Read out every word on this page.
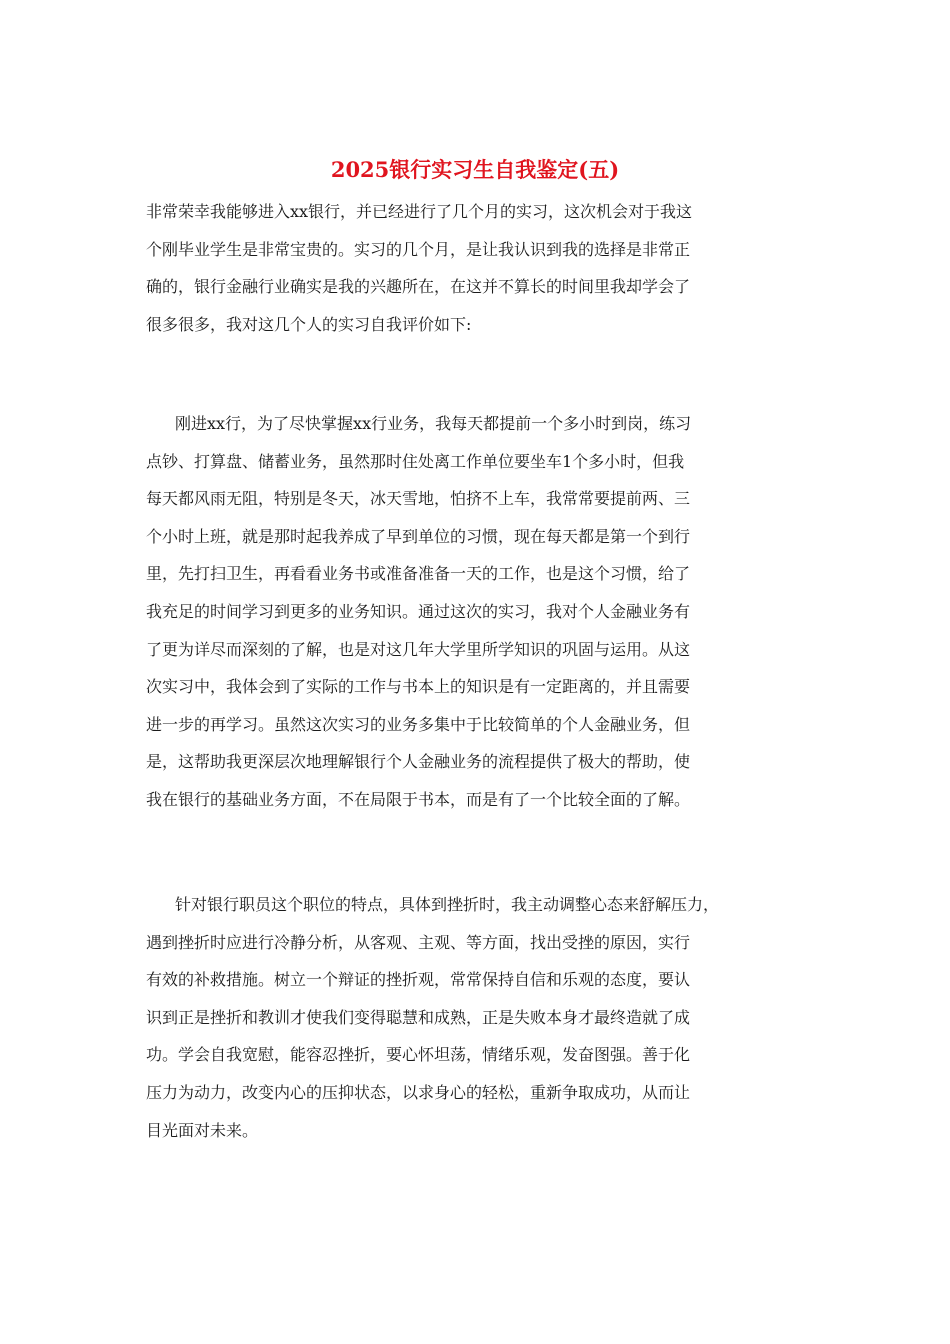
2025银行实习生自我鉴定(五)
非常荣幸我能够进入xx银行，并已经进行了几个月的实习，这次机会对于我这
个刚毕业学生是非常宝贵的。实习的几个月，是让我认识到我的选择是非常正
确的，银行金融行业确实是我的兴趣所在，在这并不算长的时间里我却学会了
很多很多，我对这几个人的实习自我评价如下:
刚进xx行，为了尽快掌握xx行业务，我每天都提前一个多小时到岗，练习
点钞、打算盘、储蓄业务，虽然那时住处离工作单位要坐车1个多小时，但我
每天都风雨无阻，特别是冬天，冰天雪地，怕挤不上车，我常常要提前两、三
个小时上班，就是那时起我养成了早到单位的习惯，现在每天都是第一个到行
里，先打扫卫生，再看看业务书或准备准备一天的工作，也是这个习惯，给了
我充足的时间学习到更多的业务知识。通过这次的实习，我对个人金融业务有
了更为详尽而深刻的了解，也是对这几年大学里所学知识的巩固与运用。从这
次实习中，我体会到了实际的工作与书本上的知识是有一定距离的，并且需要
进一步的再学习。虽然这次实习的业务多集中于比较简单的个人金融业务，但
是，这帮助我更深层次地理解银行个人金融业务的流程提供了极大的帮助，使
我在银行的基础业务方面，不在局限于书本，而是有了一个比较全面的了解。
针对银行职员这个职位的特点，具体到挫折时，我主动调整心态来舒解压力，
遇到挫折时应进行冷静分析，从客观、主观、等方面，找出受挫的原因，实行
有效的补救措施。树立一个辩证的挫折观，常常保持自信和乐观的态度，要认
识到正是挫折和教训才使我们变得聪慧和成熟，正是失败本身才最终造就了成
功。学会自我宽慰，能容忍挫折，要心怀坦荡，情绪乐观，发奋图强。善于化
压力为动力，改变内心的压抑状态，以求身心的轻松，重新争取成功，从而让
目光面对未来。
